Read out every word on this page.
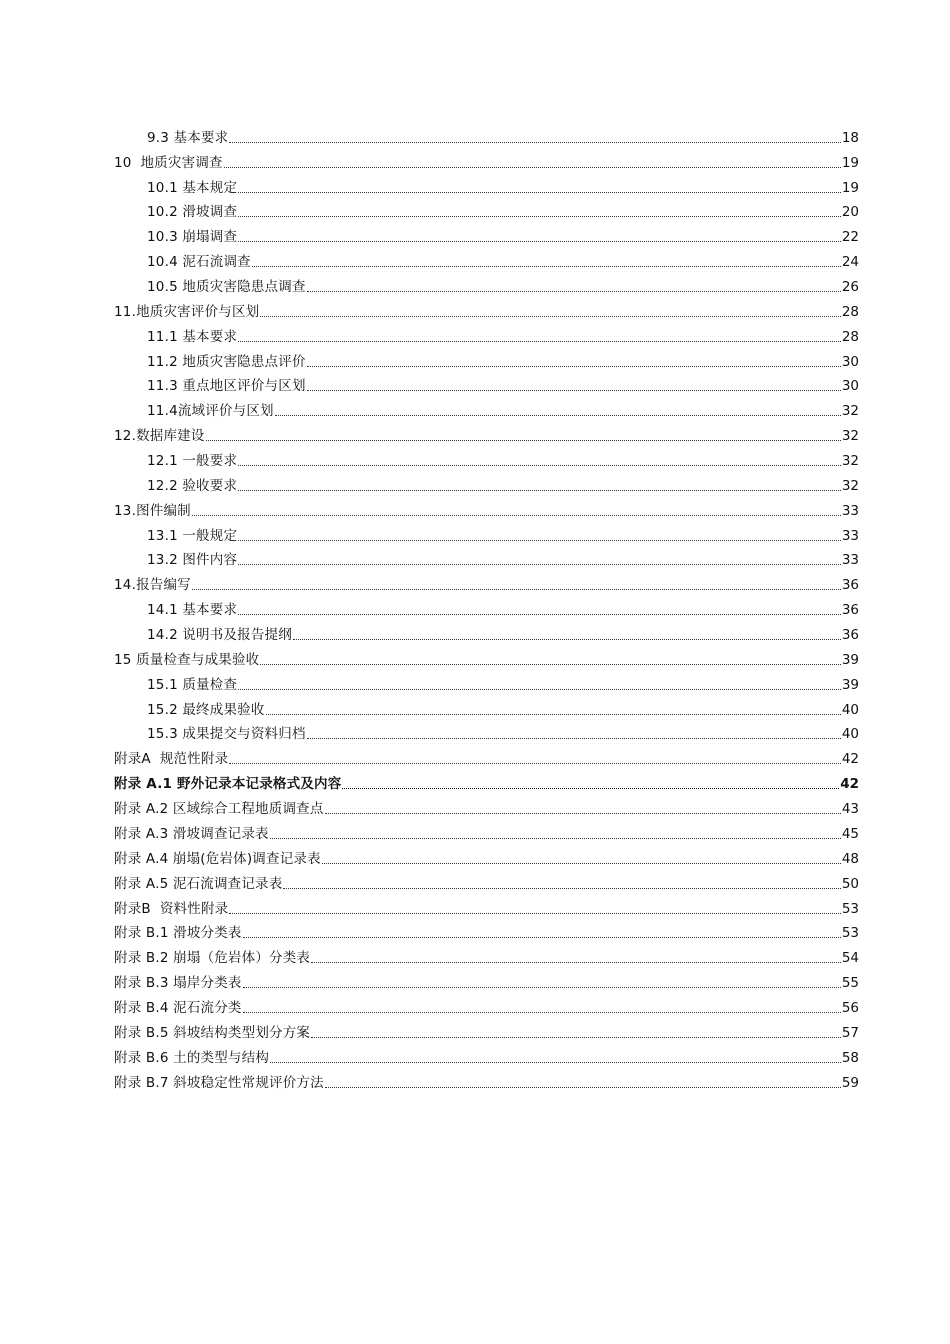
9.3 基本要求	18
10  地质灾害调查	19
10.1 基本规定	19
10.2 滑坡调查	20
10.3 崩塌调查	22
10.4 泥石流调查	24
10.5 地质灾害隐患点调查	26
11.地质灾害评价与区划	28
11.1 基本要求	28
11.2 地质灾害隐患点评价	30
11.3 重点地区评价与区划	30
11.4流域评价与区划	32
12.数据库建设	32
12.1 一般要求	32
12.2 验收要求	32
13.图件编制	33
13.1 一般规定	33
13.2 图件内容	33
14.报告编写	36
14.1 基本要求	36
14.2 说明书及报告提纲	36
15 质量检查与成果验收	39
15.1 质量检查	39
15.2 最终成果验收	40
15.3 成果提交与资料归档	40
附录A  规范性附录	42
附录 A.1 野外记录本记录格式及内容	42
附录 A.2 区域综合工程地质调查点	43
附录 A.3 滑坡调查记录表	45
附录 A.4 崩塌(危岩体)调查记录表	48
附录 A.5 泥石流调查记录表	50
附录B  资料性附录	53
附录 B.1 滑坡分类表	53
附录 B.2 崩塌（危岩体）分类表	54
附录 B.3 塌岸分类表	55
附录 B.4 泥石流分类	56
附录 B.5 斜坡结构类型划分方案	57
附录 B.6 土的类型与结构	58
附录 B.7 斜坡稳定性常规评价方法	59
